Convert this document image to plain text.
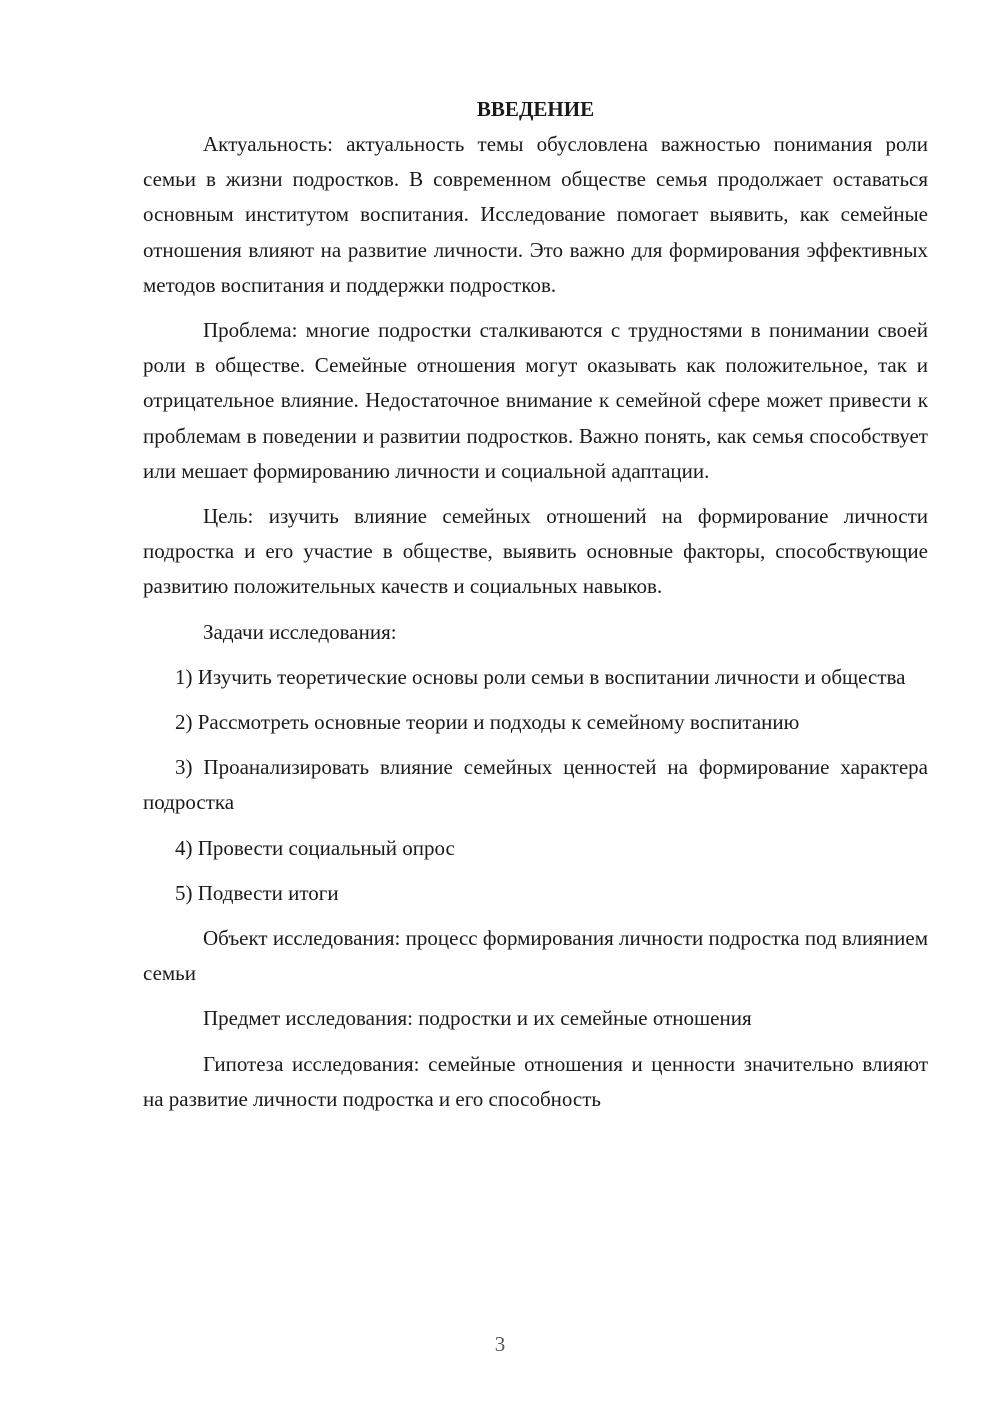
ВВЕДЕНИЕ

Актуальность: актуальность темы обусловлена важностью понимания роли семьи в жизни подростков. В современном обществе семья продолжает оставаться основным институтом воспитания. Исследование помогает выявить, как семейные отношения влияют на развитие личности. Это важно для формирования эффективных методов воспитания и поддержки подростков.

Проблема: многие подростки сталкиваются с трудностями в понимании своей роли в обществе. Семейные отношения могут оказывать как положительное, так и отрицательное влияние. Недостаточное внимание к семейной сфере может привести к проблемам в поведении и развитии подростков. Важно понять, как семья способствует или мешает формированию личности и социальной адаптации.

Цель: изучить влияние семейных отношений на формирование личности подростка и его участие в обществе, выявить основные факторы, способствующие развитию положительных качеств и социальных навыков.

Задачи исследования:

1) Изучить теоретические основы роли семьи в воспитании личности и общества

2) Рассмотреть основные теории и подходы к семейному воспитанию

3) Проанализировать влияние семейных ценностей на формирование характера подростка

4) Провести социальный опрос

5) Подвести итоги

Объект исследования: процесс формирования личности подростка под влиянием семьи

Предмет исследования: подростки и их семейные отношения

Гипотеза исследования: семейные отношения и ценности значительно влияют на развитие личности подростка и его способность

3
